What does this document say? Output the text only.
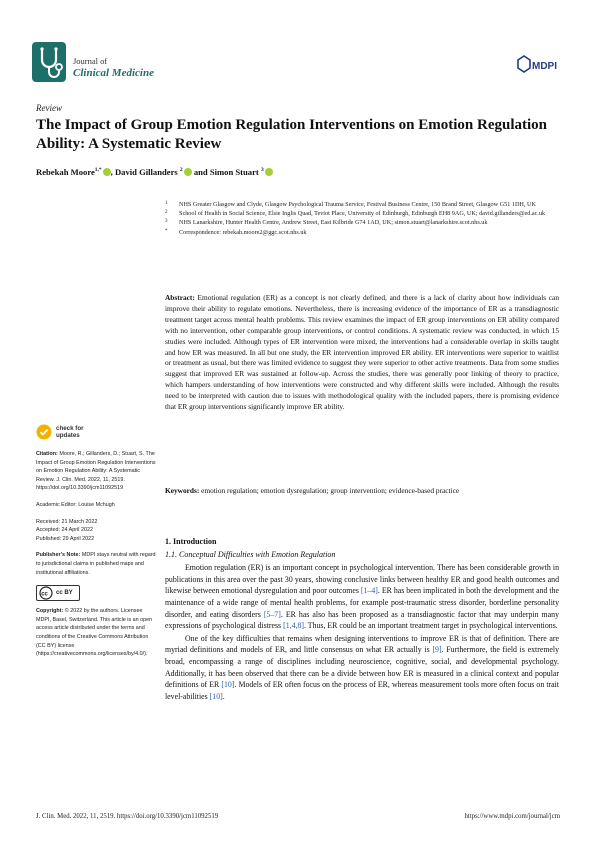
Journal of
Clinical Medicine
MDPI
Review
The Impact of Group Emotion Regulation Interventions on Emotion Regulation Ability: A Systematic Review
Rebekah Moore$^{1,*}$ , David Gillanders $^2$ and Simon Stuart $^3$
1 NHS Greater Glasgow and Clyde, Glasgow Psychological Trauma Service, Festival Business Centre, 150 Brand Street, Glasgow G51 1DH, UK
2 School of Health in Social Science, Elsie Inglis Quad, Teviot Place, University of Edinburgh, Edinburgh EH8 9AG, UK; david.gillanders@ed.ac.uk
3 NHS Lanarkshire, Hunter Health Centre, Andrew Street, East Kilbride G74 1AD, UK; simon.stuart@lanarkshire.scot.nhs.uk
* Correspondence: rebekah.moore2@ggc.scot.nhs.uk
Abstract: Emotional regulation (ER) as a concept is not clearly defined, and there is a lack of clarity about how individuals can improve their ability to regulate emotions. Nevertheless, there is increasing evidence of the importance of ER as a transdiagnostic treatment target across mental health problems. This review examines the impact of ER group interventions on ER ability compared with no intervention, other comparable group interventions, or control conditions. A systematic review was conducted, in which 15 studies were included. Although types of ER intervention were mixed, the interventions had a considerable overlap in skills taught and how ER was measured. In all but one study, the ER intervention improved ER ability. ER interventions were superior to waitlist or treatment as usual, but there was limited evidence to suggest they were superior to other active treatments. Data from some studies suggest that improved ER was sustained at follow-up. Across the studies, there was generally poor linking of theory to practice, which hampers understanding of how interventions were constructed and why different skills were included. Although the results need to be interpreted with caution due to issues with methodological quality with the included papers, there is promising evidence that ER group interventions significantly improve ER ability.
Keywords: emotion regulation; emotion dysregulation; group intervention; evidence-based practice
check for
updates

Citation: Moore, R.; Gillanders, D.; Stuart, S. The Impact of Group Emotion Regulation Interventions on Emotion Regulation Ability: A Systematic Review. J. Clin. Med. 2022, 11, 2519. https://doi.org/10.3390/jcm11092519

Academic Editor: Louise Mchugh

Received: 21 March 2022
Accepted: 24 April 2022
Published: 29 April 2022

Publisher’s Note: MDPI stays neutral with regard to jurisdictional claims in published maps and institutional affiliations.

cc cc BY

Copyright: © 2022 by the authors. Licensee MDPI, Basel, Switzerland. This article is an open access article distributed under the terms and conditions of the Creative Commons Attribution (CC BY) license (https://creativecommons.org/licenses/by/4.0/).

1. Introduction
1.1. Conceptual Difficulties with Emotion Regulation

Emotion regulation (ER) is an important concept in psychological intervention. There has been considerable growth in publications in this area over the past 30 years, showing conclusive links between healthy ER and good health outcomes and likewise between emotional dysregulation and poor outcomes [1–4]. ER has been implicated in both the development and the maintenance of a wide range of mental health problems, for example post-traumatic stress disorder, borderline personality disorder, and eating disorders [5–7]. ER has also has been proposed as a transdiagnostic factor that may underpin many expressions of psychological distress [1,4,8]. Thus, ER could be an important treatment target in psychological interventions.

One of the key difficulties that remains when designing interventions to improve ER is that of definition. There are myriad definitions and models of ER, and little consensus on what ER actually is [9]. Furthermore, the field is extremely broad, encompassing a range of disciplines including neuroscience, cognitive, social, and developmental psychology. Additionally, it has been observed that there can be a divide between how ER is measured in a clinical context and popular definitions of ER [10]. Models of ER often focus on the process of ER, whereas measurement tools more often focus on trait level-abilities [10].

J. Clin. Med. 2022, 11, 2519. https://doi.org/10.3390/jcm11092519	https://www.mdpi.com/journal/jcm
